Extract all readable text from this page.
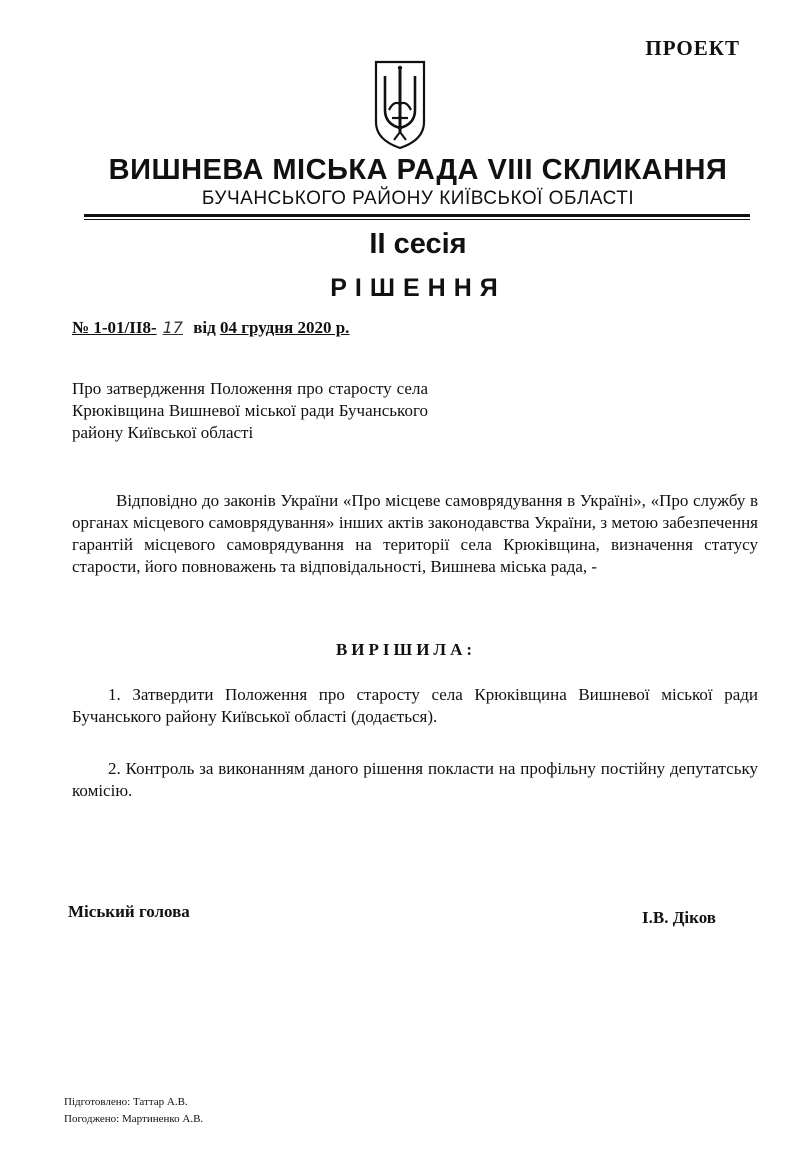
ПРОЕКТ
ВИШНЕВА МІСЬКА РАДА VIII СКЛИКАННЯ
БУЧАНСЬКОГО РАЙОНУ КИЇВСЬКОЇ ОБЛАСТІ
ІІ сесія
РІШЕННЯ
№ 1-01/ІІ8- 17 від 04 грудня 2020 р.
Про затвердження Положення про старосту села Крюківщина Вишневої міської ради Бучанського району Київської області
Відповідно до законів України «Про місцеве самоврядування в Україні», «Про службу в органах місцевого самоврядування» інших актів законодавства України, з метою забезпечення гарантій місцевого самоврядування на території села Крюківщина, визначення статусу старости, його повноважень та відповідальності, Вишнева міська рада, -
ВИРІШИЛА:
1. Затвердити Положення про старосту села Крюківщина Вишневої міської ради Бучанського району Київської області (додається).
2. Контроль за виконанням даного рішення покласти на профільну постійну депутатську комісію.
Міський голова	І.В. Діков
Підготовлено: Таттар А.В.
Погоджено: Мартиненко А.В.
